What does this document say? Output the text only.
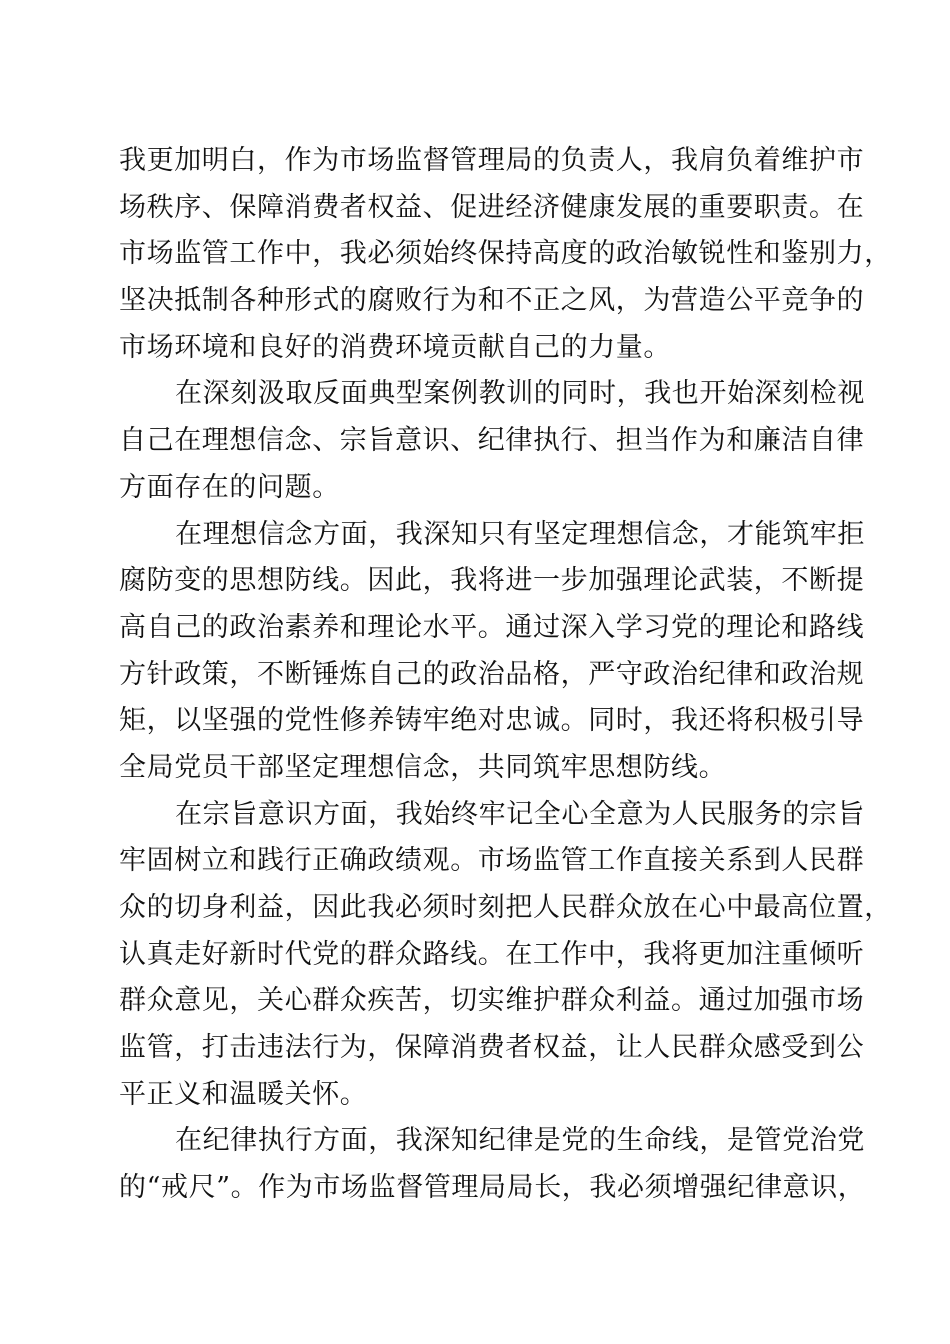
我更加明白，作为市场监督管理局的负责人，我肩负着维护市
场秩序、保障消费者权益、促进经济健康发展的重要职责。在
市场监管工作中，我必须始终保持高度的政治敏锐性和鉴别力，
坚决抵制各种形式的腐败行为和不正之风，为营造公平竞争的
市场环境和良好的消费环境贡献自己的力量。
在深刻汲取反面典型案例教训的同时，我也开始深刻检视
自己在理想信念、宗旨意识、纪律执行、担当作为和廉洁自律
方面存在的问题。
在理想信念方面，我深知只有坚定理想信念，才能筑牢拒
腐防变的思想防线。因此，我将进一步加强理论武装，不断提
高自己的政治素养和理论水平。通过深入学习党的理论和路线
方针政策，不断锤炼自己的政治品格，严守政治纪律和政治规
矩，以坚强的党性修养铸牢绝对忠诚。同时，我还将积极引导
全局党员干部坚定理想信念，共同筑牢思想防线。
在宗旨意识方面，我始终牢记全心全意为人民服务的宗旨
牢固树立和践行正确政绩观。市场监管工作直接关系到人民群
众的切身利益，因此我必须时刻把人民群众放在心中最高位置，
认真走好新时代党的群众路线。在工作中，我将更加注重倾听
群众意见，关心群众疾苦，切实维护群众利益。通过加强市场
监管，打击违法行为，保障消费者权益，让人民群众感受到公
平正义和温暖关怀。
在纪律执行方面，我深知纪律是党的生命线，是管党治党
的“戒尺”。作为市场监督管理局局长，我必须增强纪律意识，
